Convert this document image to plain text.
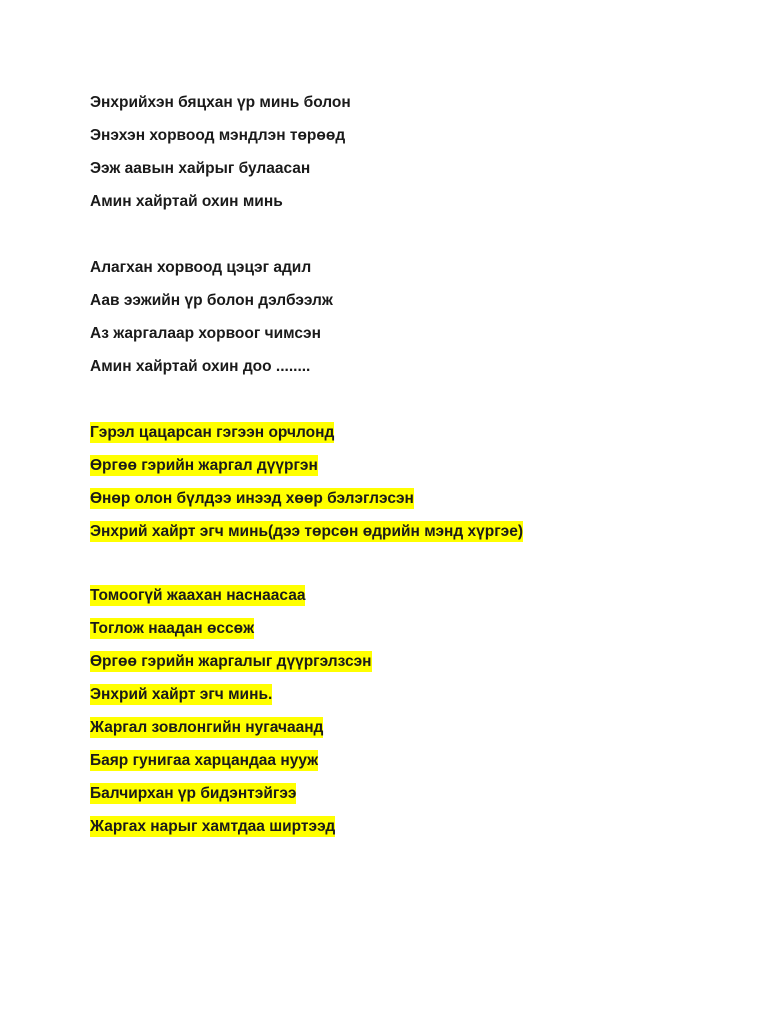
Энхрийхэн бяцхан үр минь болон
Энэхэн хорвоод мэндлэн төрөөд
Ээж аавын хайрыг булаасан
Амин хайртай охин минь
Алагхан хорвоод цэцэг адил
Аав ээжийн үр болон дэлбээлж
Аз жаргалаар хорвоог чимсэн
Амин хайртай охин доо ........
Гэрэл цацарсан гэгээн орчлонд
Өргөө гэрийн жаргал дүүргэн
Өнөр олон бүлдээ инээд хөөр бэлэглэсэн
Энхрий хайрт эгч минь(дээ төрсөн өдрийн мэнд хүргэе)
Томоогүй жаахан наснаасаа
Тоглож наадан өссөж
Өргөө гэрийн жаргалыг дүүргэлзсэн
Энхрий хайрт эгч минь.
Жаргал зовлонгийн нугачаанд
Баяр гунигаа харцандаа нууж
Балчирхан үр бидэнтэйгээ
Жаргах нарыг хамтдаа ширтээд
